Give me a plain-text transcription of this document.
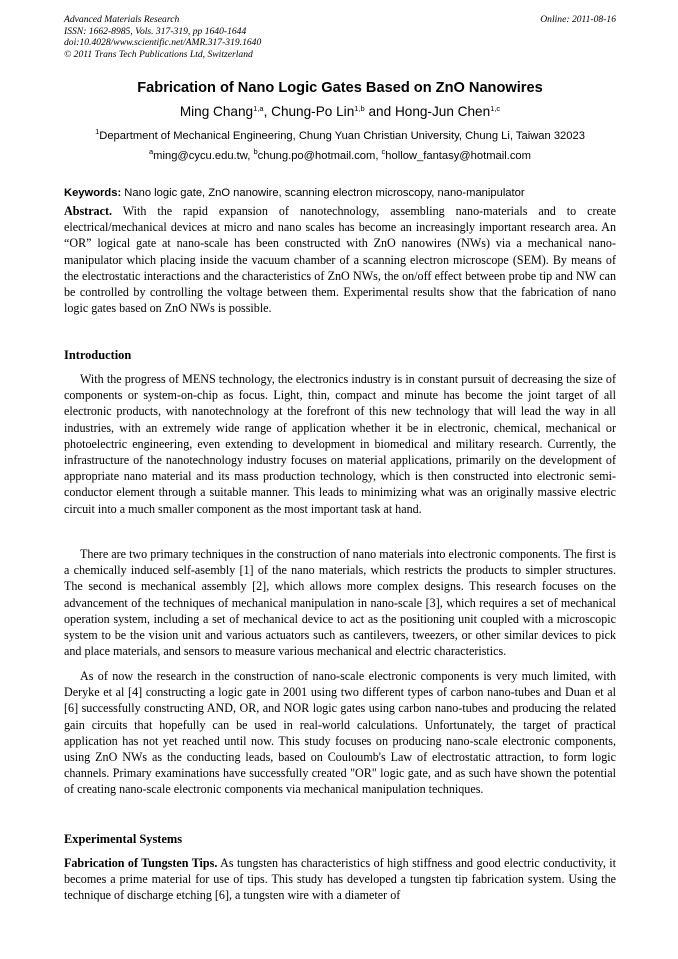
Advanced Materials Research
ISSN: 1662-8985, Vols. 317-319, pp 1640-1644
doi:10.4028/www.scientific.net/AMR.317-319.1640
© 2011 Trans Tech Publications Ltd, Switzerland
Online: 2011-08-16
Fabrication of Nano Logic Gates Based on ZnO Nanowires
Ming Chang$^{1,a}$, Chung-Po Lin$^{1,b}$ and Hong-Jun Chen$^{1,c}$
$^1$Department of Mechanical Engineering, Chung Yuan Christian University, Chung Li, Taiwan 32023
$^a$ming@cycu.edu.tw, $^b$chung.po@hotmail.com, $^c$hollow_fantasy@hotmail.com
Keywords: Nano logic gate, ZnO nanowire, scanning electron microscopy, nano-manipulator
Abstract. With the rapid expansion of nanotechnology, assembling nano-materials and to create electrical/mechanical devices at micro and nano scales has become an increasingly important research area. An “OR” logical gate at nano-scale has been constructed with ZnO nanowires (NWs) via a mechanical nano-manipulator which placing inside the vacuum chamber of a scanning electron microscope (SEM). By means of the electrostatic interactions and the characteristics of ZnO NWs, the on/off effect between probe tip and NW can be controlled by controlling the voltage between them. Experimental results show that the fabrication of nano logic gates based on ZnO NWs is possible.
Introduction
With the progress of MENS technology, the electronics industry is in constant pursuit of decreasing the size of components or system-on-chip as focus. Light, thin, compact and minute has become the joint target of all electronic products, with nanotechnology at the forefront of this new technology that will lead the way in all industries, with an extremely wide range of application whether it be in electronic, chemical, mechanical or photoelectric engineering, even extending to development in biomedical and military research. Currently, the infrastructure of the nanotechnology industry focuses on material applications, primarily on the development of appropriate nano material and its mass production technology, which is then constructed into electronic semi-conductor element through a suitable manner. This leads to minimizing what was an originally massive electric circuit into a much smaller component as the most important task at hand.
There are two primary techniques in the construction of nano materials into electronic components. The first is a chemically induced self-asembly [1] of the nano materials, which restricts the products to simpler structures. The second is mechanical assembly [2], which allows more complex designs. This research focuses on the advancement of the techniques of mechanical manipulation in nano-scale [3], which requires a set of mechanical operation system, including a set of mechanical device to act as the positioning unit coupled with a microscopic system to be the vision unit and various actuators such as cantilevers, tweezers, or other similar devices to pick and place materials, and sensors to measure various mechanical and electric characteristics.
As of now the research in the construction of nano-scale electronic components is very much limited, with Deryke et al [4] constructing a logic gate in 2001 using two different types of carbon nano-tubes and Duan et al [6] successfully constructing AND, OR, and NOR logic gates using carbon nano-tubes and producing the related gain circuits that hopefully can be used in real-world calculations. Unfortunately, the target of practical application has not yet reached until now. This study focuses on producing nano-scale electronic components, using ZnO NWs as the conducting leads, based on Couloumb's Law of electrostatic attraction, to form logic channels. Primary examinations have successfully created "OR" logic gate, and as such have shown the potential of creating nano-scale electronic components via mechanical manipulation techniques.
Experimental Systems
Fabrication of Tungsten Tips. As tungsten has characteristics of high stiffness and good electric conductivity, it becomes a prime material for use of tips. This study has developed a tungsten tip fabrication system. Using the technique of discharge etching [6], a tungsten wire with a diameter of
